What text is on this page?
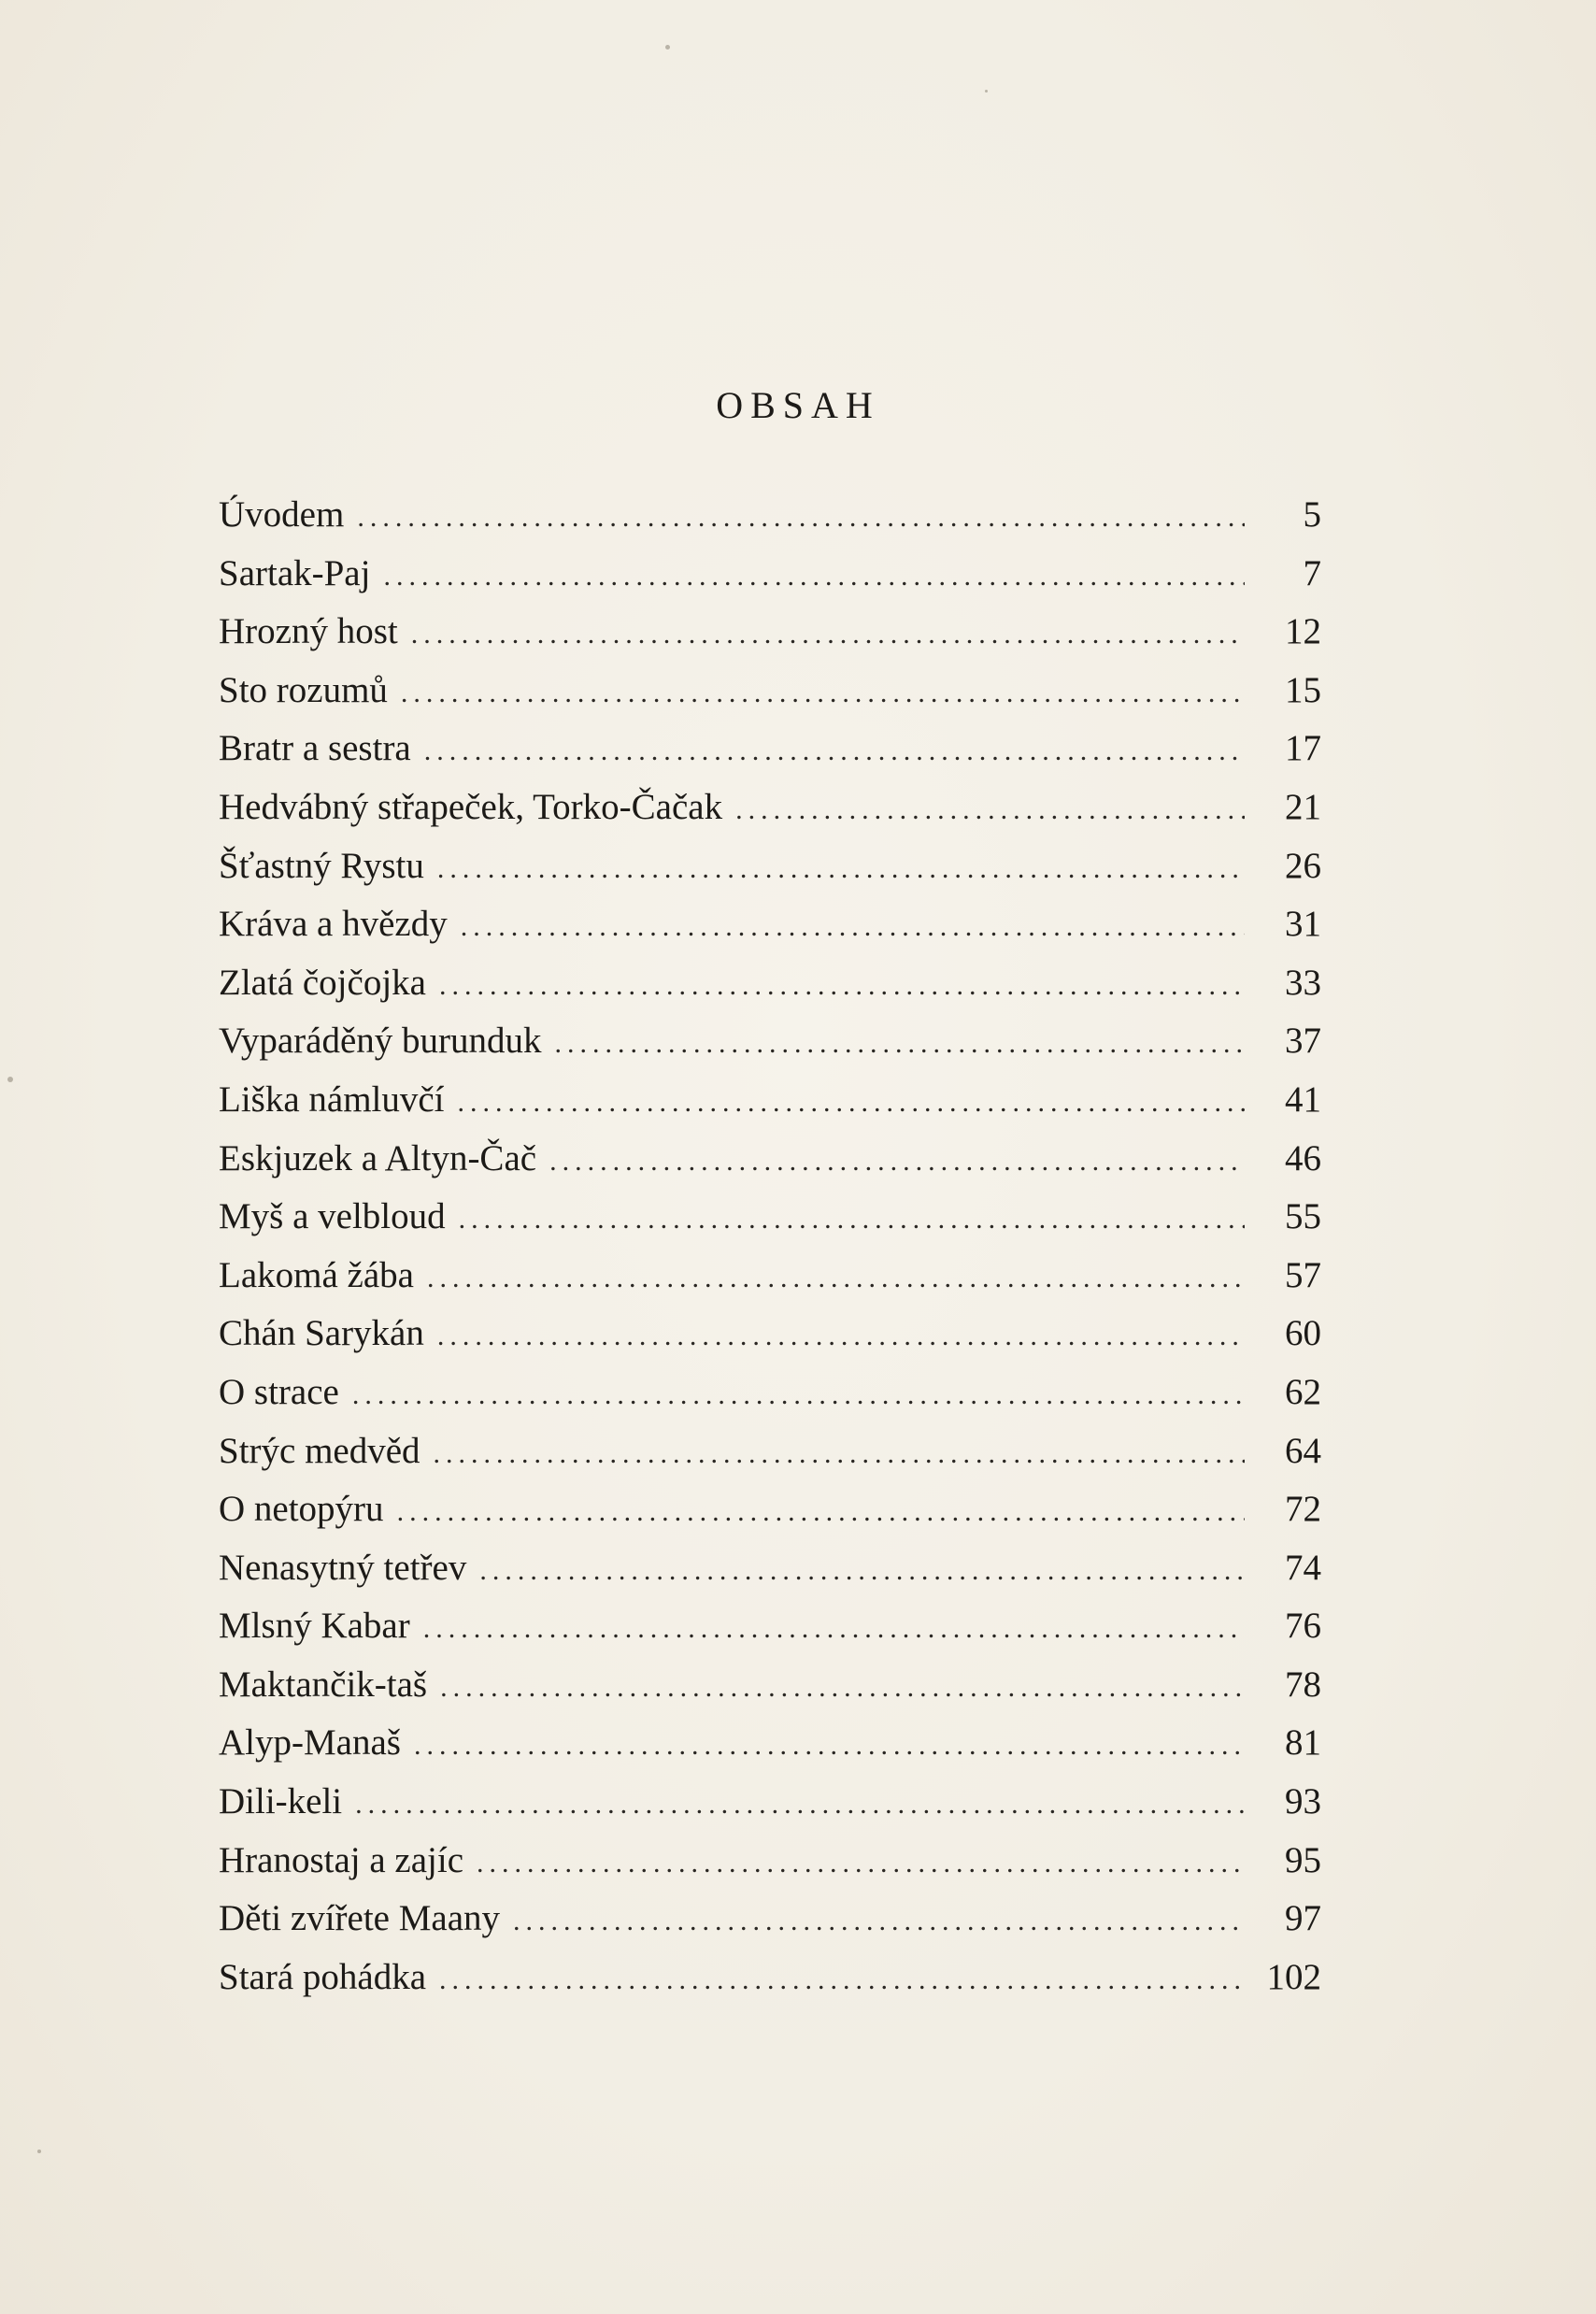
OBSAH
Úvodem .....	5
Sartak-Paj .....	7
Hrozný host .....	12
Sto rozumů .....	15
Bratr a sestra .....	17
Hedvábný střapeček, Torko-Čačak .....	21
Šťastný Rystu .....	26
Kráva a hvězdy .....	31
Zlatá čojčojka .....	33
Vyparáděný burunduk .....	37
Liška námluvčí .....	41
Eskjuzek a Altyn-Čač .....	46
Myš a velbloud .....	55
Lakomá žába .....	57
Chán Sarykán .....	60
O strace .....	62
Strýc medvěd .....	64
O netopýru .....	72
Nenasytný tetřev .....	74
Mlsný Kabar .....	76
Maktančik-taš .....	78
Alyp-Manaš .....	81
Dili-keli .....	93
Hranostaj a zajíc .....	95
Děti zvířete Maany .....	97
Stará pohádka .....	102
